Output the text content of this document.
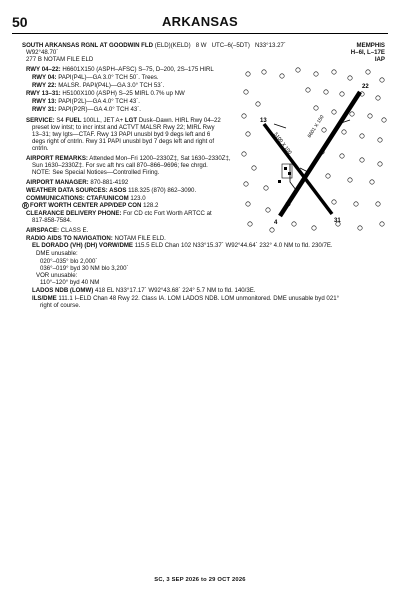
50	ARKANSAS
SOUTH ARKANSAS RGNL AT GOODWIN FLD (ELD)(KELD) 8 W UTC–6(–5DT) N33°13.27´	MEMPHIS
W92°48.70´
277 B NOTAM FILE ELD
H–6I, L–17E
IAP
RWY 04–22: H6601X150 (ASPH–AFSC) S–75, D–200, 2S–175 HIRL
RWY 04: PAPI(P4L)—GA 3.0° TCH 50´. Trees.
RWY 22: MALSR. PAPI(P4L)—GA 3.0° TCH 53´.
RWY 13–31: H5100X100 (ASPH) S–25 MIRL 0.7% up NW
RWY 13: PAPI(P2L)—GA 4.0° TCH 43´.
RWY 31: PAPI(P2R)—GA 4.0° TCH 43´.
SERVICE: S4 FUEL 100LL, JET A+ LGT Dusk–Dawn. HIRL Rwy 04–22
preset low intst; to incr intst and ACTVT MALSR Rwy 22; MIRL Rwy
13–31; twy lgts—CTAF. Rwy 13 PAPI unusbl byd 9 degs left and 6
degs right of cntrln. Rwy 31 PAPI unusbl byd 7 degs left and right of
cntrln.
AIRPORT REMARKS: Attended Mon–Fri 1200–2330Z‡, Sat 1630–2330Z‡,
Sun 1630–2330Z‡. For svc aft hrs call 870–866–9696; fee chrgd.
NOTE: See Special Notices—Controlled Firing.
AIRPORT MANAGER: 870-881-4192
WEATHER DATA SOURCES: ASOS 118.325 (870) 862–3090.
COMMUNICATIONS: CTAF/UNICOM 123.0
R FORT WORTH CENTER APP/DEP CON 128.2
CLEARANCE DELIVERY PHONE: For CD ctc Fort Worth ARTCC at
817-858-7584.
AIRSPACE: CLASS E.
RADIO AIDS TO NAVIGATION: NOTAM FILE ELD.
EL DORADO (VH) (DH) VORW/DME 115.5 ELD Chan 102 N33°15.37´ W92°44.64´ 232° 4.0 NM to fld. 230/7E.
DME unusable:
020°–035° blo 2,000´
036°–019° byd 30 NM blo 3,200´
VOR unusable:
110°–120° byd 40 NM
LADOS NDB (LOMW) 418 EL N33°17.17´ W92°43.68´ 224° 5.7 NM to fld. 140/3E.
ILS/DME 111.1 I–ELD Chan 48 Rwy 22. Class IA. LOM LADOS NDB. LOM unmonitored. DME unusable byd 021°
right of course.
22
13
31
4
6601 X 150
5100 X 100
SC, 3 SEP 2026 to 29 OCT 2026
